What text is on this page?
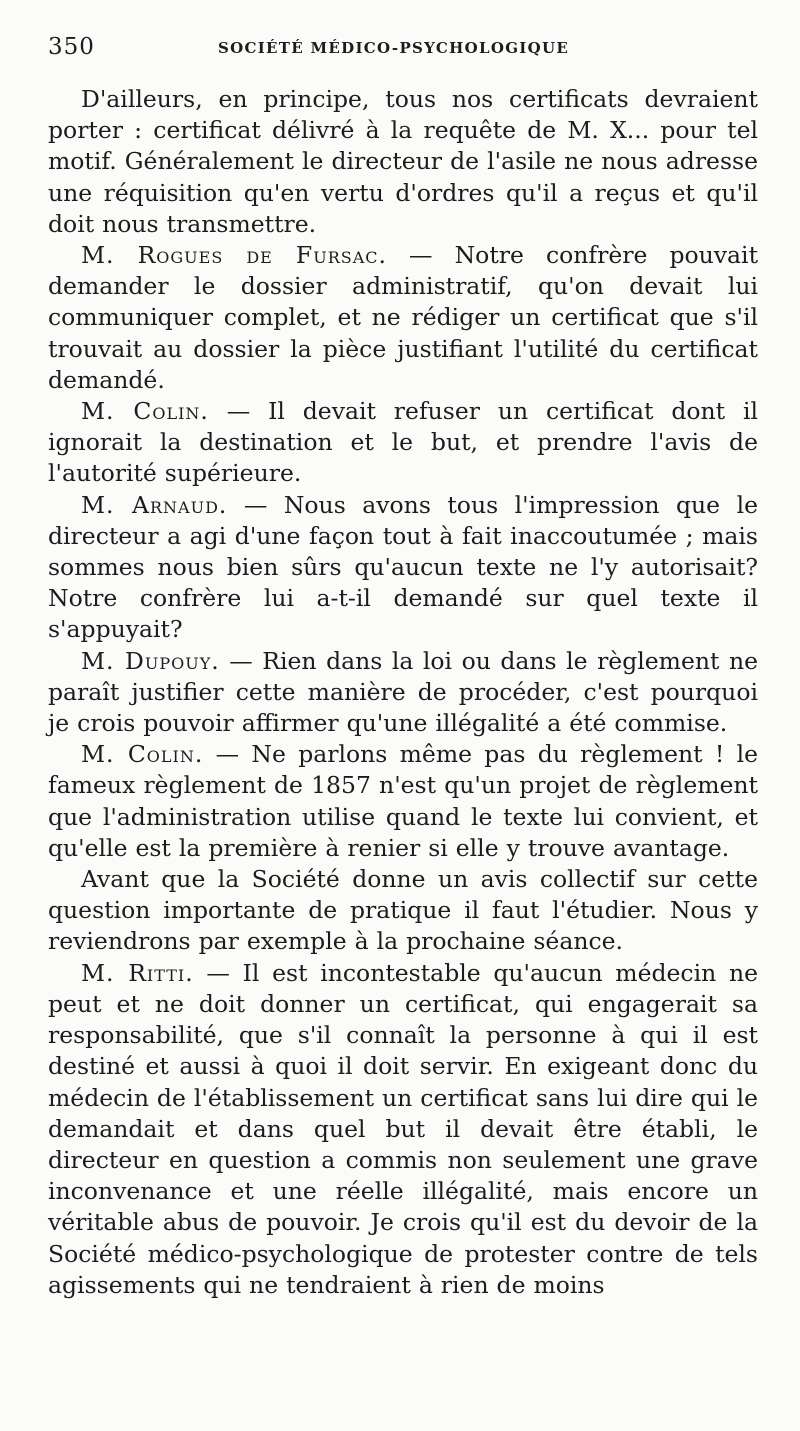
350	SOCIÉTÉ MÉDICO-PSYCHOLOGIQUE

D'ailleurs, en principe, tous nos certificats devraient porter : certificat délivré à la requête de M. X... pour tel motif. Généralement le directeur de l'asile ne nous adresse une réquisition qu'en vertu d'ordres qu'il a reçus et qu'il doit nous transmettre.

M. Rogues de Fursac. — Notre confrère pouvait demander le dossier administratif, qu'on devait lui communiquer complet, et ne rédiger un certificat que s'il trouvait au dossier la pièce justifiant l'utilité du certificat demandé.

M. Colin. — Il devait refuser un certificat dont il ignorait la destination et le but, et prendre l'avis de l'autorité supérieure.

M. Arnaud. — Nous avons tous l'impression que le directeur a agi d'une façon tout à fait inaccoutumée ; mais sommes nous bien sûrs qu'aucun texte ne l'y autorisait? Notre confrère lui a-t-il demandé sur quel texte il s'appuyait?

M. Dupouy. — Rien dans la loi ou dans le règlement ne paraît justifier cette manière de procéder, c'est pourquoi je crois pouvoir affirmer qu'une illégalité a été commise.

M. Colin. — Ne parlons même pas du règlement ! le fameux règlement de 1857 n'est qu'un projet de règlement que l'administration utilise quand le texte lui convient, et qu'elle est la première à renier si elle y trouve avantage.

Avant que la Société donne un avis collectif sur cette question importante de pratique il faut l'étudier. Nous y reviendrons par exemple à la prochaine séance.

M. Ritti. — Il est incontestable qu'aucun médecin ne peut et ne doit donner un certificat, qui engagerait sa responsabilité, que s'il connaît la personne à qui il est destiné et aussi à quoi il doit servir. En exigeant donc du médecin de l'établissement un certificat sans lui dire qui le demandait et dans quel but il devait être établi, le directeur en question a commis non seulement une grave inconvenance et une réelle illégalité, mais encore un véritable abus de pouvoir. Je crois qu'il est du devoir de la Société médico-psychologique de protester contre de tels agissements qui ne tendraient à rien de moins
